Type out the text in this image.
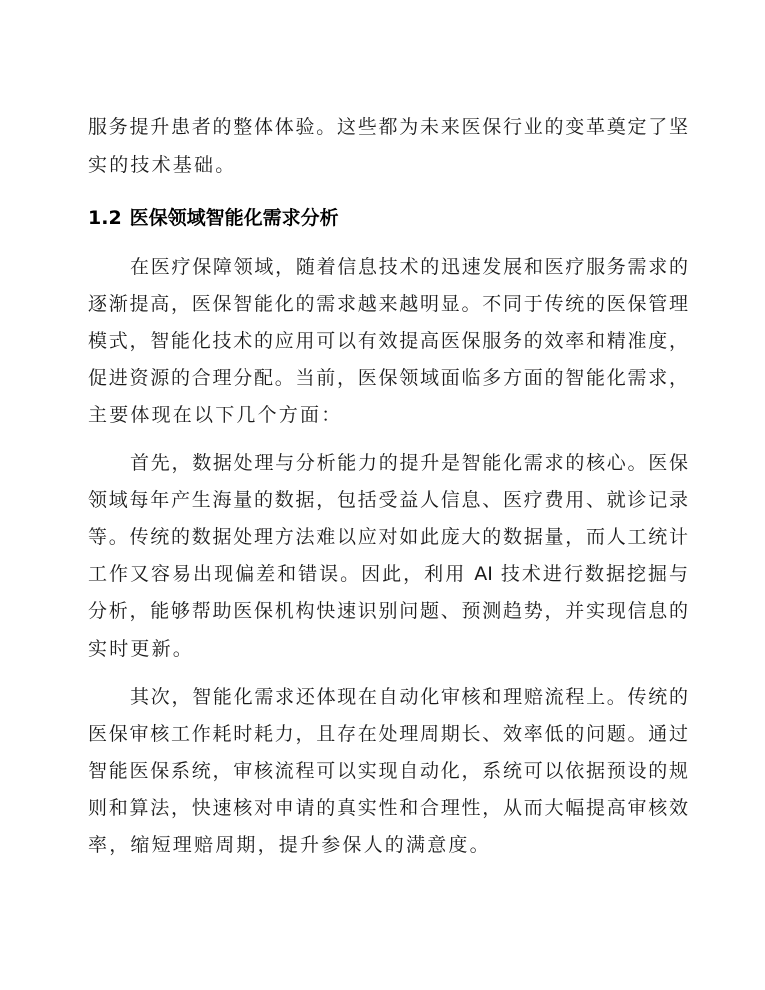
服务提升患者的整体体验。这些都为未来医保行业的变革奠定了坚
实的技术基础。
1.2 医保领域智能化需求分析
在医疗保障领域，随着信息技术的迅速发展和医疗服务需求的
逐渐提高，医保智能化的需求越来越明显。不同于传统的医保管理
模式，智能化技术的应用可以有效提高医保服务的效率和精准度，
促进资源的合理分配。当前，医保领域面临多方面的智能化需求，
主要体现在以下几个方面：
首先，数据处理与分析能力的提升是智能化需求的核心。医保
领域每年产生海量的数据，包括受益人信息、医疗费用、就诊记录
等。传统的数据处理方法难以应对如此庞大的数据量，而人工统计
工作又容易出现偏差和错误。因此，利用 AI 技术进行数据挖掘与
分析，能够帮助医保机构快速识别问题、预测趋势，并实现信息的
实时更新。
其次，智能化需求还体现在自动化审核和理赔流程上。传统的
医保审核工作耗时耗力，且存在处理周期长、效率低的问题。通过
智能医保系统，审核流程可以实现自动化，系统可以依据预设的规
则和算法，快速核对申请的真实性和合理性，从而大幅提高审核效
率，缩短理赔周期，提升参保人的满意度。
